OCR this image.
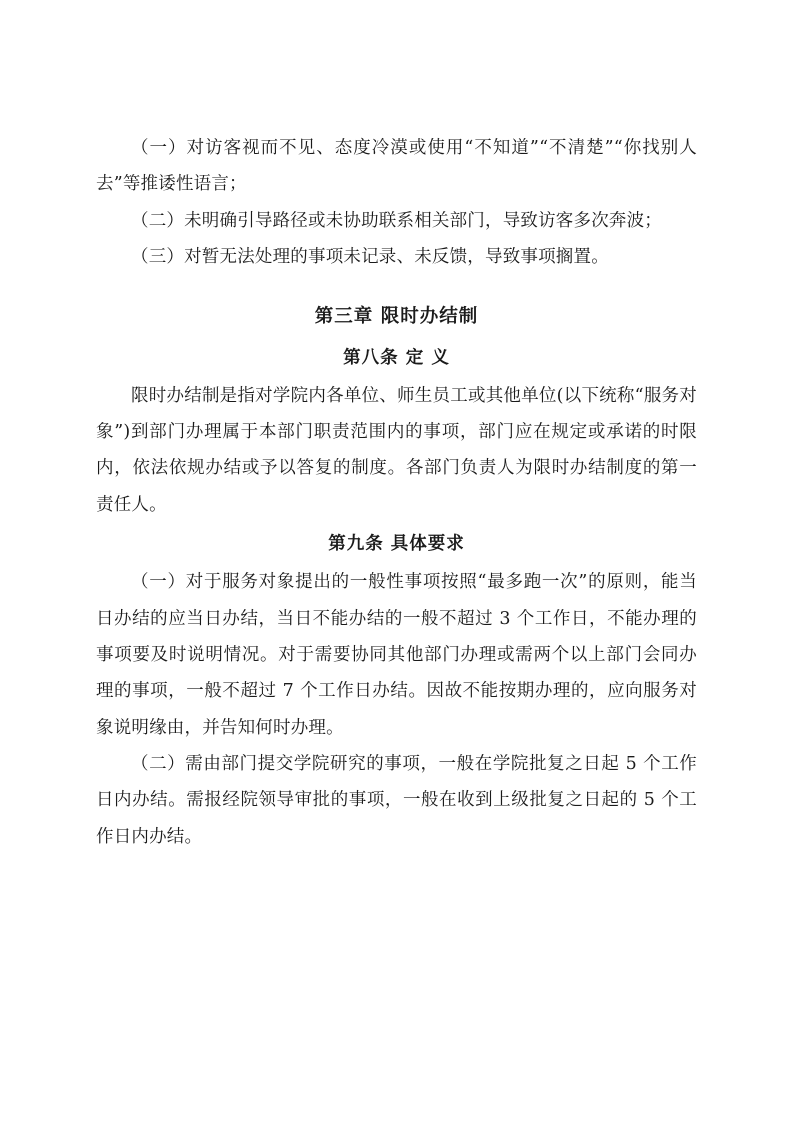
（一）对访客视而不见、态度冷漠或使用“不知道”“不清楚”“你找别人去”等推诿性语言；

（二）未明确引导路径或未协助联系相关部门，导致访客多次奔波；

（三）对暂无法处理的事项未记录、未反馈，导致事项搁置。

第三章 限时办结制
第八条 定 义

限时办结制是指对学院内各单位、师生员工或其他单位(以下统称“服务对象”)到部门办理属于本部门职责范围内的事项，部门应在规定或承诺的时限内，依法依规办结或予以答复的制度。各部门负责人为限时办结制度的第一责任人。

第九条 具体要求

（一）对于服务对象提出的一般性事项按照“最多跑一次”的原则，能当日办结的应当日办结，当日不能办结的一般不超过 3 个工作日，不能办理的事项要及时说明情况。对于需要协同其他部门办理或需两个以上部门会同办理的事项，一般不超过 7 个工作日办结。因故不能按期办理的，应向服务对象说明缘由，并告知何时办理。

（二）需由部门提交学院研究的事项，一般在学院批复之日起 5 个工作日内办结。需报经院领导审批的事项，一般在收到上级批复之日起的 5 个工作日内办结。
